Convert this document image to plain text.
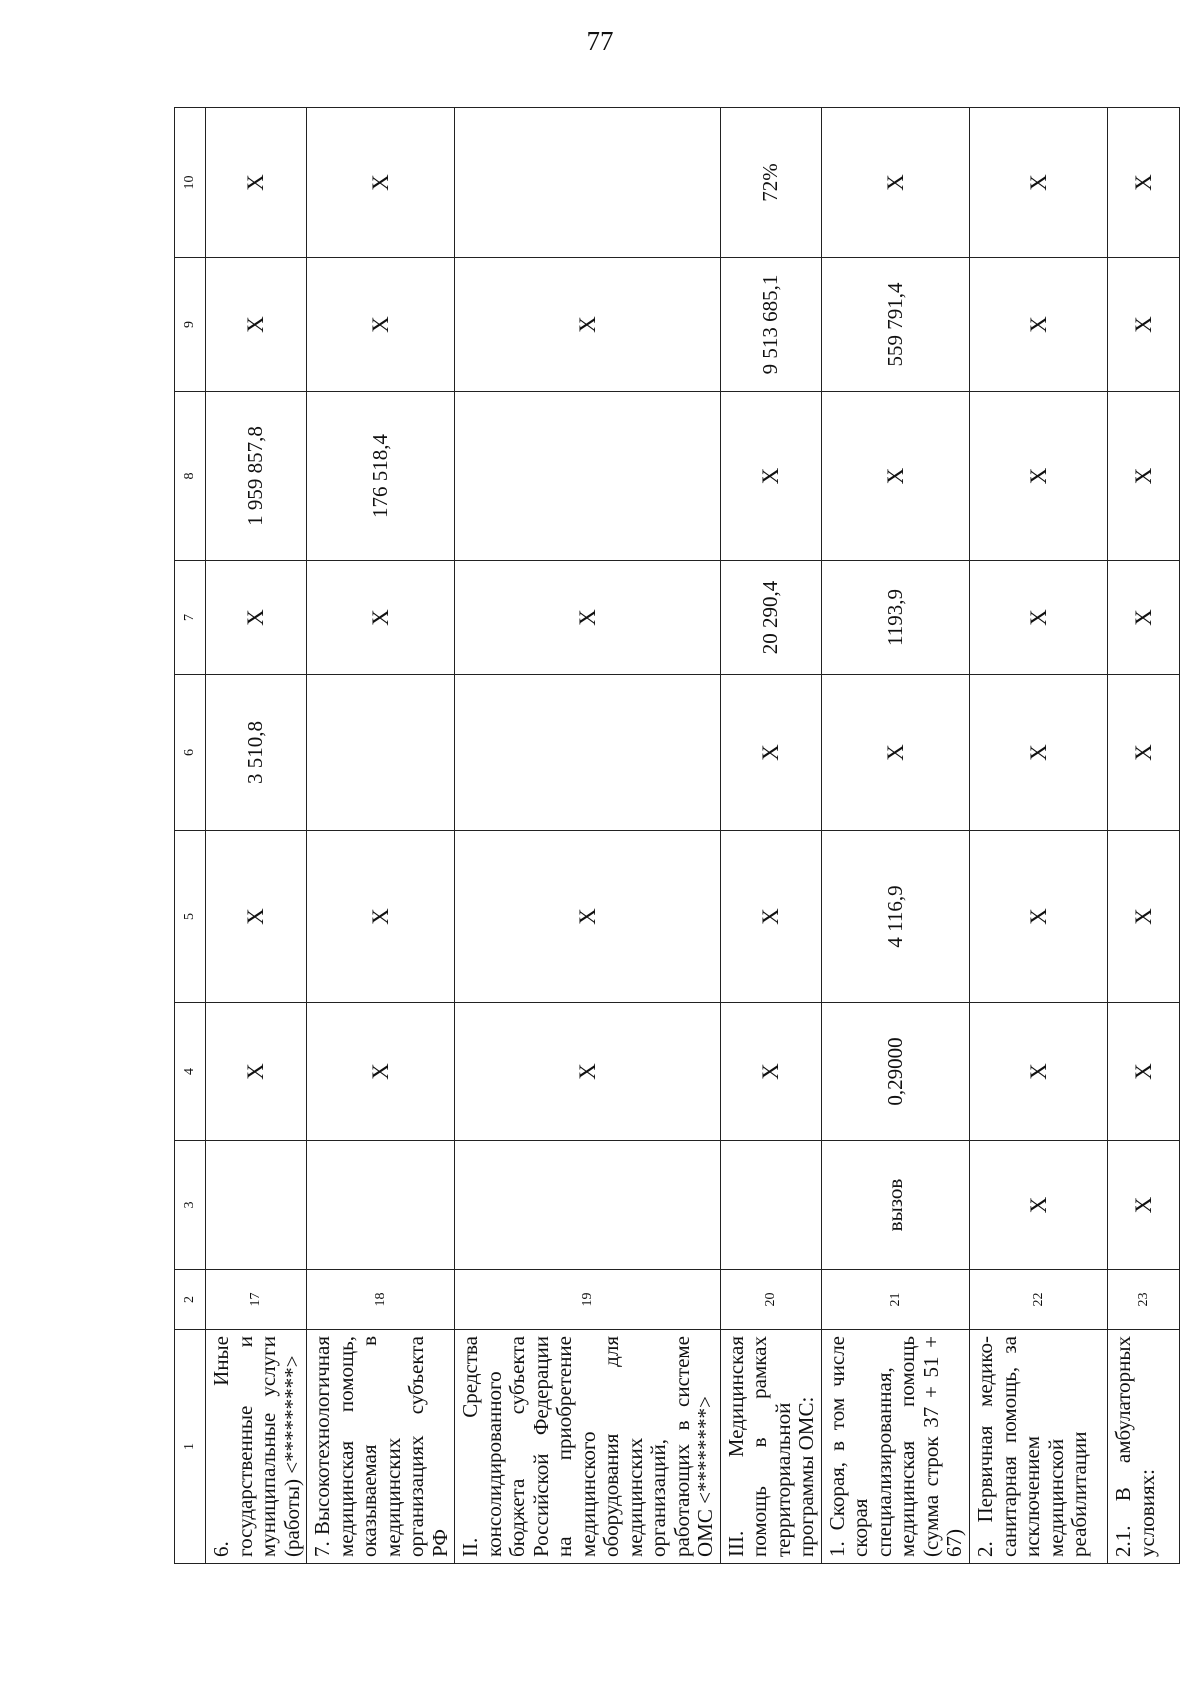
77
1	2	3	4	5	6	7	8	9	10
6. Иные государственные и муниципальные услуги (работы) <*********>	17		X	X	3 510,8	X	1 959 857,8	X	X
7. Высокотехнологичная медицинская помощь, оказываемая в медицинских организациях субъекта РФ	18		X	X		X	176 518,4	X	X
II. Средства консолидированного бюджета субъекта Российской Федерации на приобретение медицинского оборудования для медицинских организаций, работающих в системе ОМС <********>	19		X	X		X		X	
III. Медицинская помощь в рамках территориальной программы ОМС:	20		X	X	X	20 290,4	X	9 513 685,1	72%
1. Скорая, в том числе скорая специализированная, медицинская помощь (сумма строк 37 + 51 + 67)	21	вызов	0,29000	4 116,9	X	1193,9	X	559 791,4	X
2. Первичная медико-санитарная помощь, за исключением медицинской реабилитации	22	X	X	X	X	X	X	X	X
2.1. В амбулаторных условиях:	23	X	X	X	X	X	X	X	X
